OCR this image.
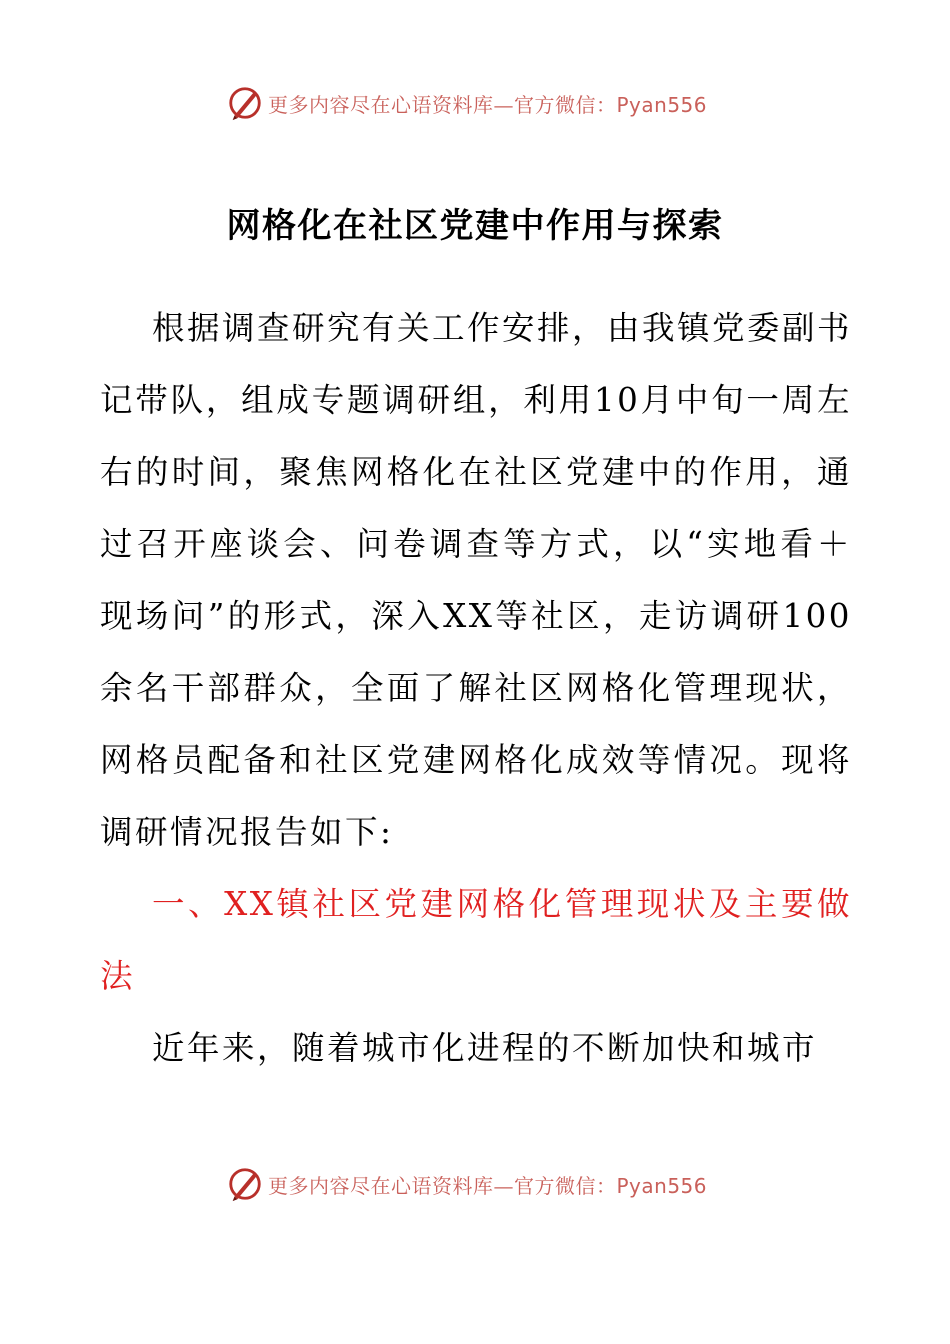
更多内容尽在心语资料库—官方微信：Pyan556
网格化在社区党建中作用与探索

根据调查研究有关工作安排，由我镇党委副书记带队，组成专题调研组，利用10月中旬一周左右的时间，聚焦网格化在社区党建中的作用，通过召开座谈会、问卷调查等方式，以“实地看＋现场问”的形式，深入XX等社区，走访调研100余名干部群众，全面了解社区网格化管理现状，网格员配备和社区党建网格化成效等情况。现将调研情况报告如下:

一、XX镇社区党建网格化管理现状及主要做法

近年来，随着城市化进程的不断加快和城市

更多内容尽在心语资料库—官方微信：Pyan556
